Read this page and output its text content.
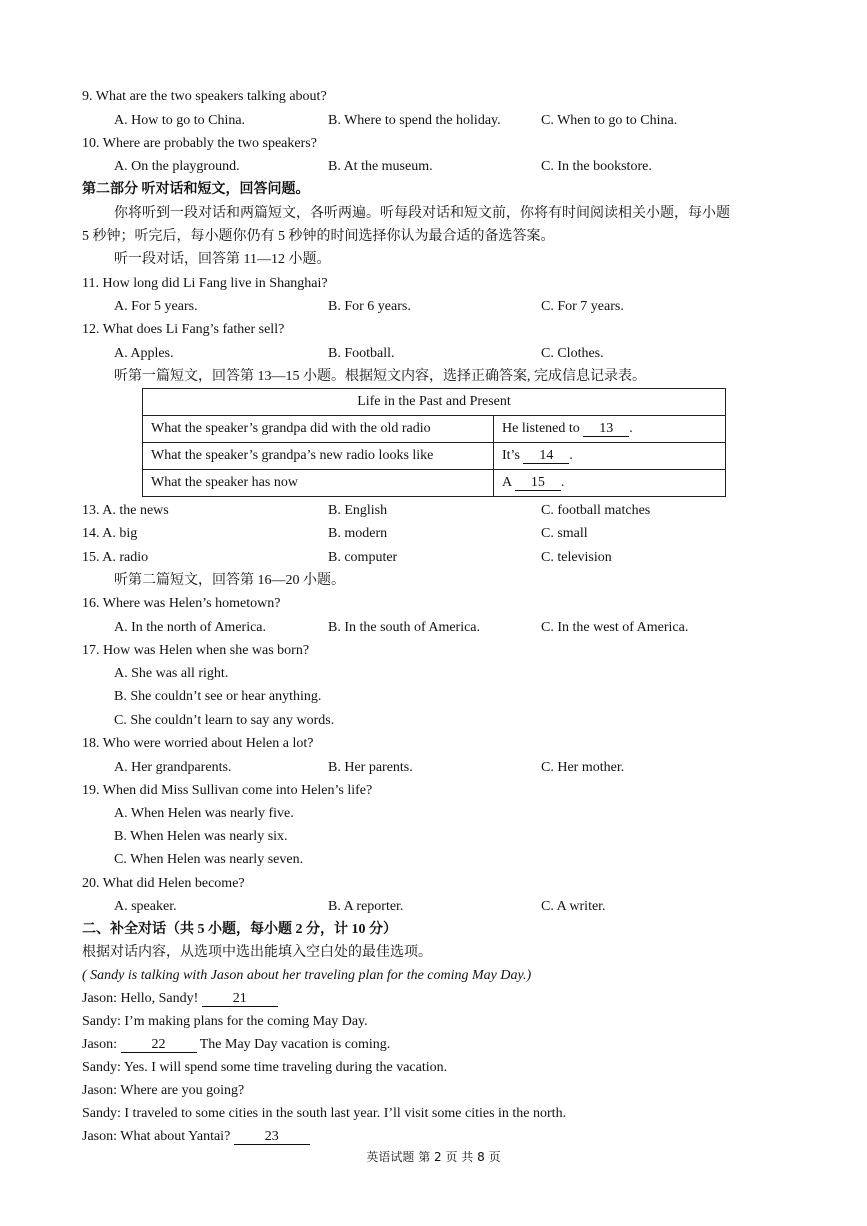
9. What are the two speakers talking about?
A. How to go to China.	B. Where to spend the holiday.	C. When to go to China.
10. Where are probably the two speakers?
A. On the playground.	B. At the museum.	C. In the bookstore.
第二部分 听对话和短文，回答问题。
你将听到一段对话和两篇短文，各听两遍。听每段对话和短文前，你将有时间阅读相关小题，每小题
5 秒钟；听完后，每小题你仍有 5 秒钟的时间选择你认为最合适的备选答案。
听一段对话，回答第 11—12 小题。
11. How long did Li Fang live in Shanghai?
A. For 5 years.	B. For 6 years.	C. For 7 years.
12. What does Li Fang’s father sell?
A. Apples.	B. Football.	C. Clothes.
听第一篇短文，回答第 13—15 小题。根据短文内容，选择正确答案, 完成信息记录表。
Life in the Past and Present	
What the speaker’s grandpa did with the old radio	He listened to 13 .
What the speaker’s grandpa’s new radio looks like	It’s 14 .
What the speaker has now	A 15 .
13. A. the news	B. English	C. football matches
14. A. big	B. modern	C. small
15. A. radio	B. computer	C. television
听第二篇短文，回答第 16—20 小题。
16. Where was Helen’s hometown?
A. In the north of America.	B. In the south of America.	C. In the west of America.
17. How was Helen when she was born?
A. She was all right.
B. She couldn’t see or hear anything.
C. She couldn’t learn to say any words.
18. Who were worried about Helen a lot?
A. Her grandparents.	B. Her parents.	C. Her mother.
19. When did Miss Sullivan come into Helen’s life?
A. When Helen was nearly five.
B. When Helen was nearly six.
C. When Helen was nearly seven.
20. What did Helen become?
A. speaker.	B. A reporter.	C. A writer.
二、补全对话（共 5 小题，每小题 2 分，计 10 分）
根据对话内容，从选项中选出能填入空白处的最佳选项。
( Sandy is talking with Jason about her traveling plan for the coming May Day.)
Jason: Hello, Sandy! 21
Sandy: I’m making plans for the coming May Day.
Jason: 22 The May Day vacation is coming.
Sandy: Yes. I will spend some time traveling during the vacation.
Jason: Where are you going?
Sandy: I traveled to some cities in the south last year. I’ll visit some cities in the north.
Jason: What about Yantai? 23
英语试题 第 2 页 共 8 页
